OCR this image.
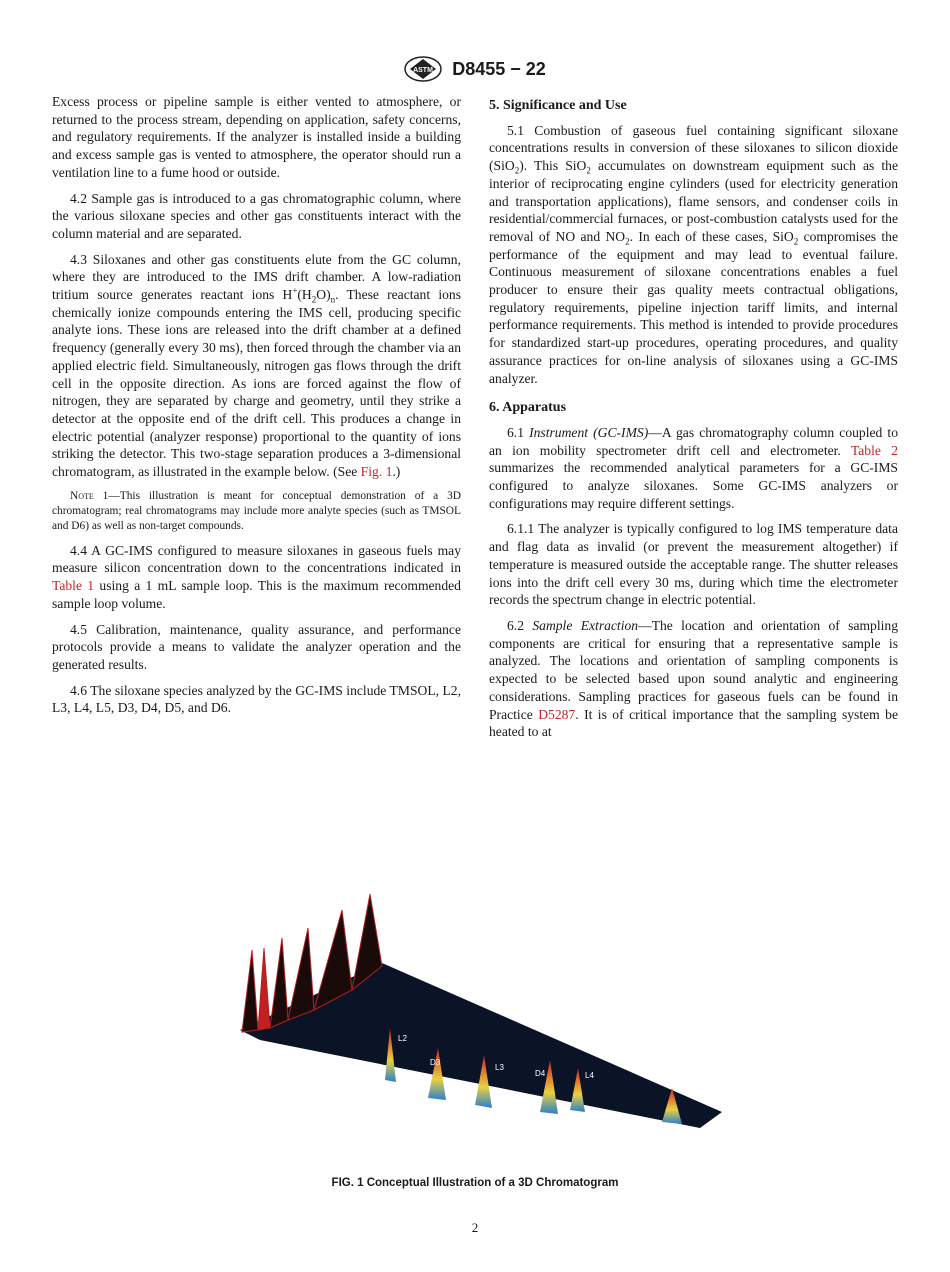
ASTM D8455 − 22

Excess process or pipeline sample is either vented to atmosphere, or returned to the process stream, depending on application, safety concerns, and regulatory requirements. If the analyzer is installed inside a building and excess sample gas is vented to atmosphere, the operator should run a ventilation line to a fume hood or outside.

4.2 Sample gas is introduced to a gas chromatographic column, where the various siloxane species and other gas constituents interact with the column material and are separated.

4.3 Siloxanes and other gas constituents elute from the GC column, where they are introduced to the IMS drift chamber. A low-radiation tritium source generates reactant ions $H^+(H_2O)_n$. These reactant ions chemically ionize compounds entering the IMS cell, producing specific analyte ions. These ions are released into the drift chamber at a defined frequency (generally every 30 ms), then forced through the chamber via an applied electric field. Simultaneously, nitrogen gas flows through the drift cell in the opposite direction. As ions are forced against the flow of nitrogen, they are separated by charge and geometry, until they strike a detector at the opposite end of the drift cell. This produces a change in electric potential (analyzer response) proportional to the quantity of ions striking the detector. This two-stage separation produces a 3-dimensional chromatogram, as illustrated in the example below. (See Fig. 1.)

Note 1—This illustration is meant for conceptual demonstration of a 3D chromatogram; real chromatograms may include more analyte species (such as TMSOL and D6) as well as non-target compounds.

4.4 A GC-IMS configured to measure siloxanes in gaseous fuels may measure silicon concentration down to the concentrations indicated in Table 1 using a 1 mL sample loop. This is the maximum recommended sample loop volume.

4.5 Calibration, maintenance, quality assurance, and performance protocols provide a means to validate the analyzer operation and the generated results.

4.6 The siloxane species analyzed by the GC-IMS include TMSOL, L2, L3, L4, L5, D3, D4, D5, and D6.

5. Significance and Use

5.1 Combustion of gaseous fuel containing significant siloxane concentrations results in conversion of these siloxanes to silicon dioxide (SiO$_2$). This SiO$_2$ accumulates on downstream equipment such as the interior of reciprocating engine cylinders (used for electricity generation and transportation applications), flame sensors, and condenser coils in residential/commercial furnaces, or post-combustion catalysts used for the removal of NO and $NO_2$. In each of these cases, SiO$_2$ compromises the performance of the equipment and may lead to eventual failure. Continuous measurement of siloxane concentrations enables a fuel producer to ensure their gas quality meets contractual obligations, regulatory requirements, pipeline injection tariff limits, and internal performance requirements. This method is intended to provide procedures for standardized start-up procedures, operating procedures, and quality assurance practices for on-line analysis of siloxanes using a GC-IMS analyzer.

6. Apparatus

6.1 Instrument (GC-IMS)—A gas chromatography column coupled to an ion mobility spectrometer drift cell and electrometer. Table 2 summarizes the recommended analytical parameters for a GC-IMS configured to analyze siloxanes. Some GC-IMS analyzers or configurations may require different settings.

6.1.1 The analyzer is typically configured to log IMS temperature data and flag data as invalid (or prevent the measurement altogether) if temperature is measured outside the acceptable range. The shutter releases ions into the drift cell every 30 ms, during which time the electrometer records the spectrum change in electric potential.

6.2 Sample Extraction—The location and orientation of sampling components are critical for ensuring that a representative sample is analyzed. The locations and orientation of sampling components is expected to be selected based upon sound analytic and engineering considerations. Sampling practices for gaseous fuels can be found in Practice D5287. It is of critical importance that the sampling system be heated to at

L2
D3
L3
D4	L4
D5
FIG. 1 Conceptual Illustration of a 3D Chromatogram
2
